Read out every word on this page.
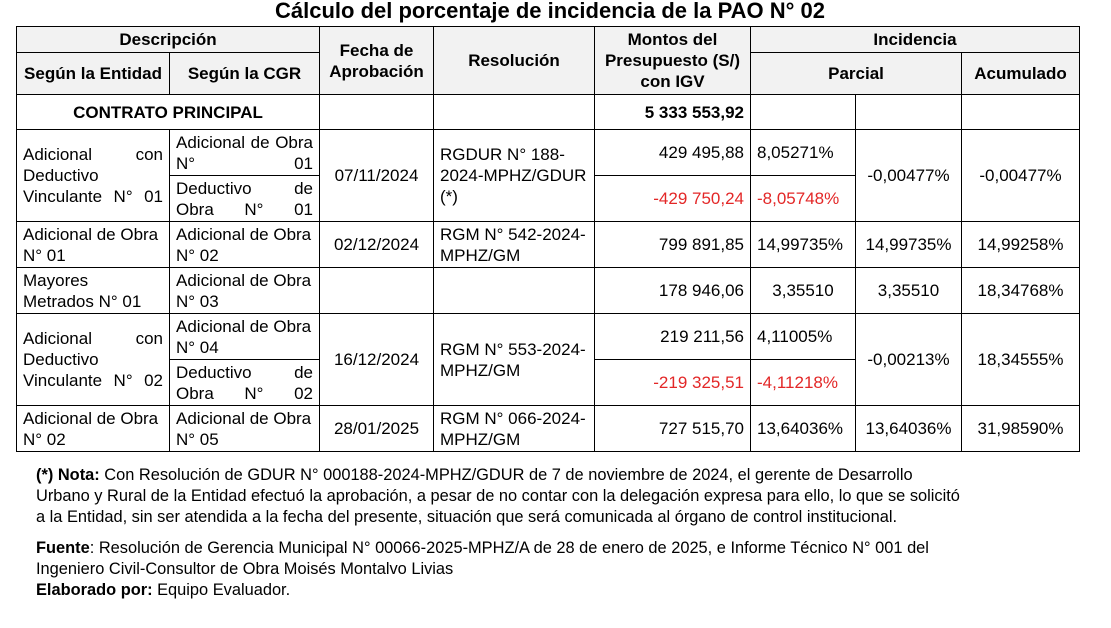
Cálculo del porcentaje de incidencia de la PAO N° 02
Descripción		Fecha de Aprobación	Resolución	Montos del Presupuesto (S/) con IGV	Incidencia		
Según la Entidad	Según la CGR				Parcial		Acumulado
CONTRATO PRINCIPAL				5 333 553,92			
Adicional con Deductivo Vinculante N° 01	Adicional de Obra N° 01	07/11/2024	RGDUR N° 188-2024-MPHZ/GDUR (*)	429 495,88	8,05271%	-0,00477%	-0,00477%
	Deductivo de Obra N° 01			-429 750,24	-8,05748%		
Adicional de Obra N° 01	Adicional de Obra N° 02	02/12/2024	RGM N° 542-2024-MPHZ/GM	799 891,85	14,99735%	14,99735%	14,99258%
Mayores Metrados N° 01	Adicional de Obra N° 03			178 946,06	3,35510	3,35510	18,34768%
Adicional con Deductivo Vinculante N° 02	Adicional de Obra N° 04	16/12/2024	RGM N° 553-2024-MPHZ/GM	219 211,56	4,11005%	-0,00213%	18,34555%
	Deductivo de Obra N° 02			-219 325,51	-4,11218%		
Adicional de Obra N° 02	Adicional de Obra N° 05	28/01/2025	RGM N° 066-2024-MPHZ/GM	727 515,70	13,64036%	13,64036%	31,98590%

(*) Nota: Con Resolución de GDUR N° 000188-2024-MPHZ/GDUR de 7 de noviembre de 2024, el gerente de Desarrollo Urbano y Rural de la Entidad efectuó la aprobación, a pesar de no contar con la delegación expresa para ello, lo que se solicitó a la Entidad, sin ser atendida a la fecha del presente, situación que será comunicada al órgano de control institucional.

Fuente: Resolución de Gerencia Municipal N° 00066-2025-MPHZ/A de 28 de enero de 2025, e Informe Técnico N° 001 del Ingeniero Civil-Consultor de Obra Moisés Montalvo Livias

Elaborado por: Equipo Evaluador.
